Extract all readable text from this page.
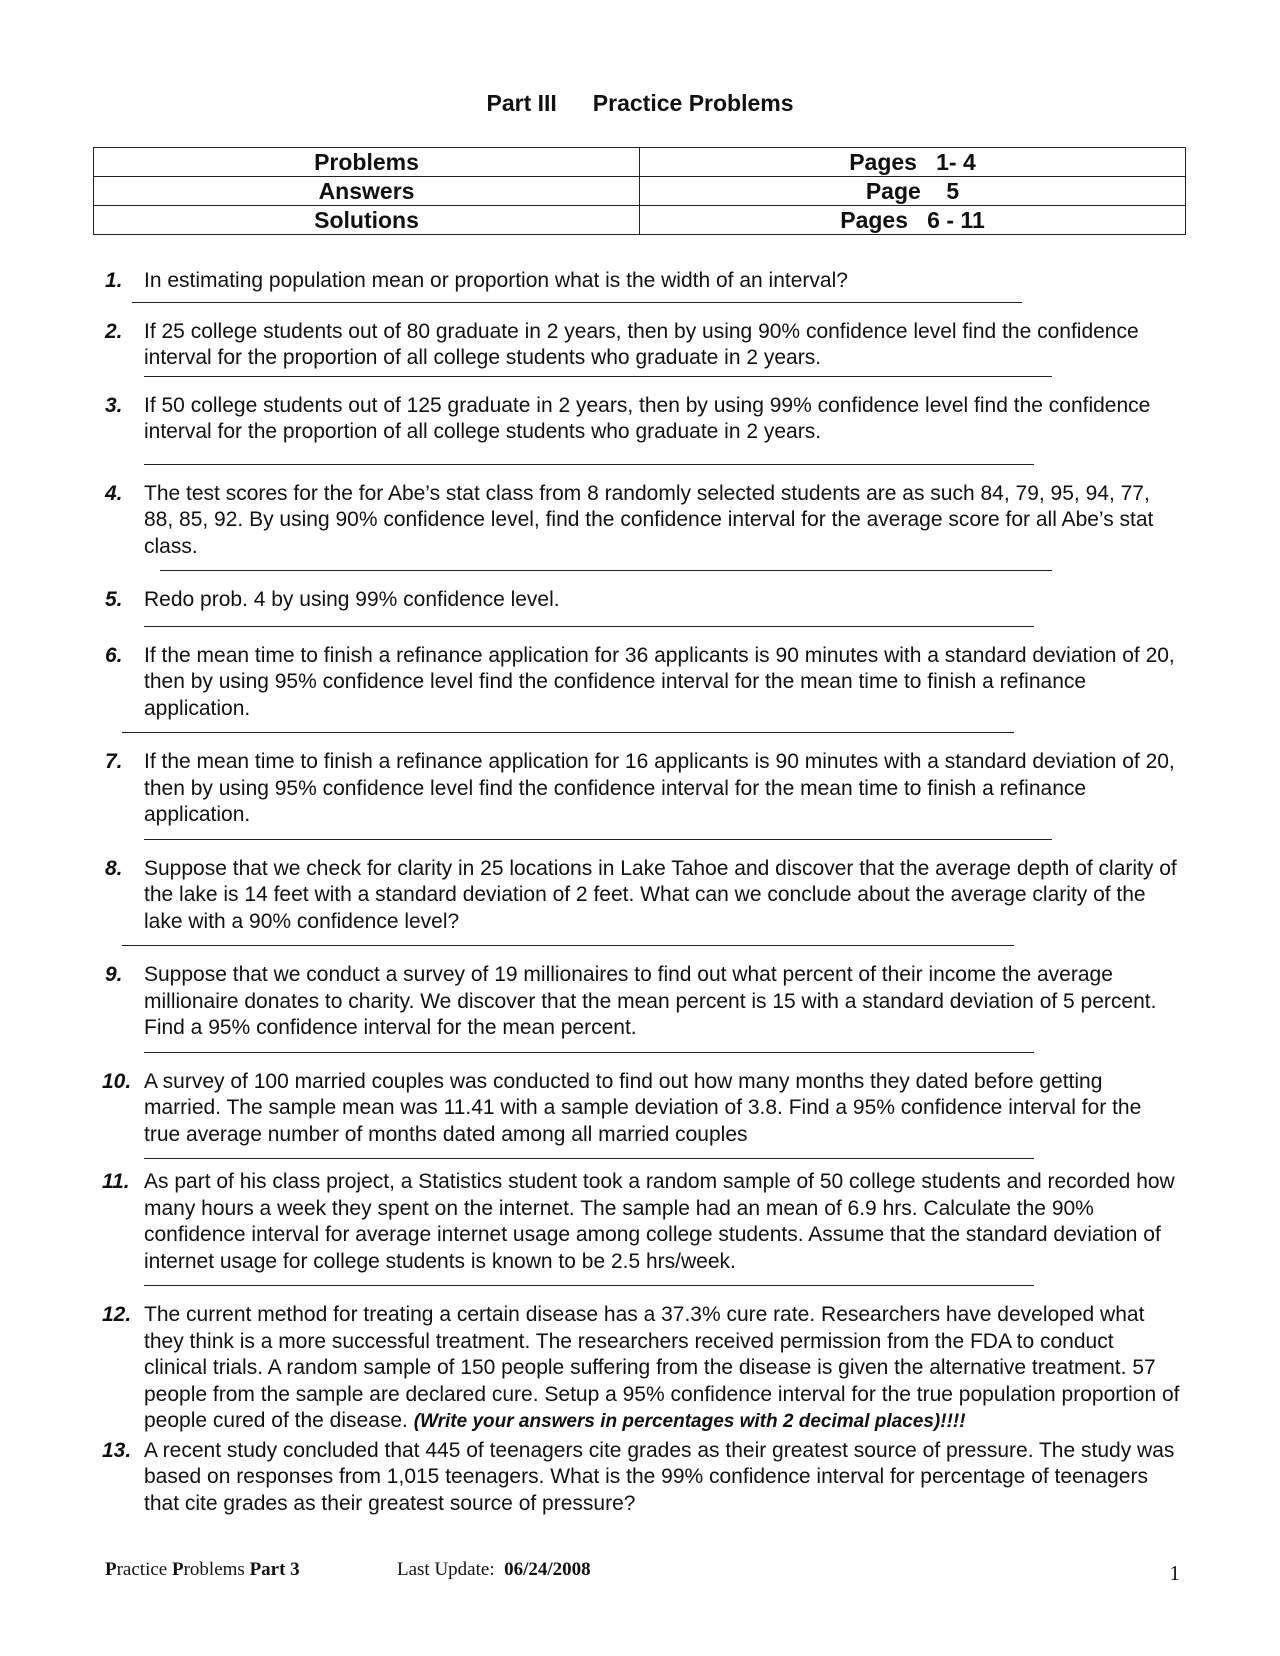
Part III Practice Problems
Problems	Pages   1- 4
Answers	Page    5
Solutions	Pages   6 - 11
1. In estimating population mean or proportion what is the width of an interval?
2. If 25 college students out of 80 graduate in 2 years, then by using 90% confidence level find the confidence interval for the proportion of all college students who graduate in 2 years.
3. If 50 college students out of 125 graduate in 2 years, then by using 99% confidence level find the confidence interval for the proportion of all college students who graduate in 2 years.
4. The test scores for the for Abe’s stat class from 8 randomly selected students are as such 84, 79, 95, 94, 77, 88, 85, 92. By using 90% confidence level, find the confidence interval for the average score for all Abe’s stat class.
5. Redo prob. 4 by using 99% confidence level.
6. If the mean time to finish a refinance application for 36 applicants is 90 minutes with a standard deviation of 20, then by using 95% confidence level find the confidence interval for the mean time to finish a refinance application.
7. If the mean time to finish a refinance application for 16 applicants is 90 minutes with a standard deviation of 20, then by using 95% confidence level find the confidence interval for the mean time to finish a refinance application.
8. Suppose that we check for clarity in 25 locations in Lake Tahoe and discover that the average depth of clarity of the lake is 14 feet with a standard deviation of 2 feet. What can we conclude about the average clarity of the lake with a 90% confidence level?
9. Suppose that we conduct a survey of 19 millionaires to find out what percent of their income the average millionaire donates to charity. We discover that the mean percent is 15 with a standard deviation of 5 percent. Find a 95% confidence interval for the mean percent.
10. A survey of 100 married couples was conducted to find out how many months they dated before getting married. The sample mean was 11.41 with a sample deviation of 3.8. Find a 95% confidence interval for the true average number of months dated among all married couples
11. As part of his class project, a Statistics student took a random sample of 50 college students and recorded how many hours a week they spent on the internet. The sample had an mean of 6.9 hrs. Calculate the 90% confidence interval for average internet usage among college students. Assume that the standard deviation of internet usage for college students is known to be 2.5 hrs/week.
12. The current method for treating a certain disease has a 37.3% cure rate. Researchers have developed what they think is a more successful treatment. The researchers received permission from the FDA to conduct clinical trials. A random sample of 150 people suffering from the disease is given the alternative treatment. 57 people from the sample are declared cure. Setup a 95% confidence interval for the true population proportion of people cured of the disease. (Write your answers in percentages with 2 decimal places)!!!!
13. A recent study concluded that 445 of teenagers cite grades as their greatest source of pressure. The study was based on responses from 1,015 teenagers. What is the 99% confidence interval for percentage of teenagers that cite grades as their greatest source of pressure?
Practice Problems Part 3	Last Update:  06/24/2008	1
